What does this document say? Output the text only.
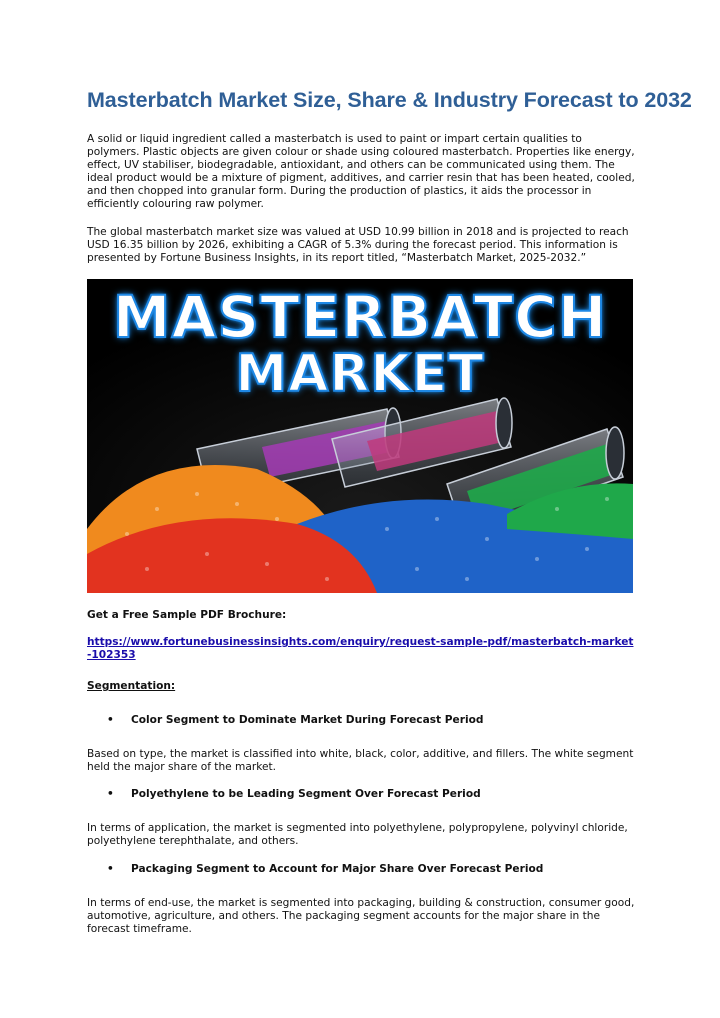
Masterbatch Market Size, Share & Industry Forecast to 2032

A solid or liquid ingredient called a masterbatch is used to paint or impart certain qualities to polymers. Plastic objects are given colour or shade using coloured masterbatch. Properties like energy, effect, UV stabiliser, biodegradable, antioxidant, and others can be communicated using them. The ideal product would be a mixture of pigment, additives, and carrier resin that has been heated, cooled, and then chopped into granular form. During the production of plastics, it aids the processor in efficiently colouring raw polymer.

The global masterbatch market size was valued at USD 10.99 billion in 2018 and is projected to reach USD 16.35 billion by 2026, exhibiting a CAGR of 5.3% during the forecast period. This information is presented by Fortune Business Insights, in its report titled, “Masterbatch Market, 2025-2032.”

MASTERBATCH
MARKET

Get a Free Sample PDF Brochure:

https://www.fortunebusinessinsights.com/enquiry/request-sample-pdf/masterbatch-market-102353

Segmentation:

• Color Segment to Dominate Market During Forecast Period

Based on type, the market is classified into white, black, color, additive, and fillers. The white segment held the major share of the market.

• Polyethylene to be Leading Segment Over Forecast Period

In terms of application, the market is segmented into polyethylene, polypropylene, polyvinyl chloride, polyethylene terephthalate, and others.

• Packaging Segment to Account for Major Share Over Forecast Period

In terms of end-use, the market is segmented into packaging, building & construction, consumer good, automotive, agriculture, and others. The packaging segment accounts for the major share in the forecast timeframe.
